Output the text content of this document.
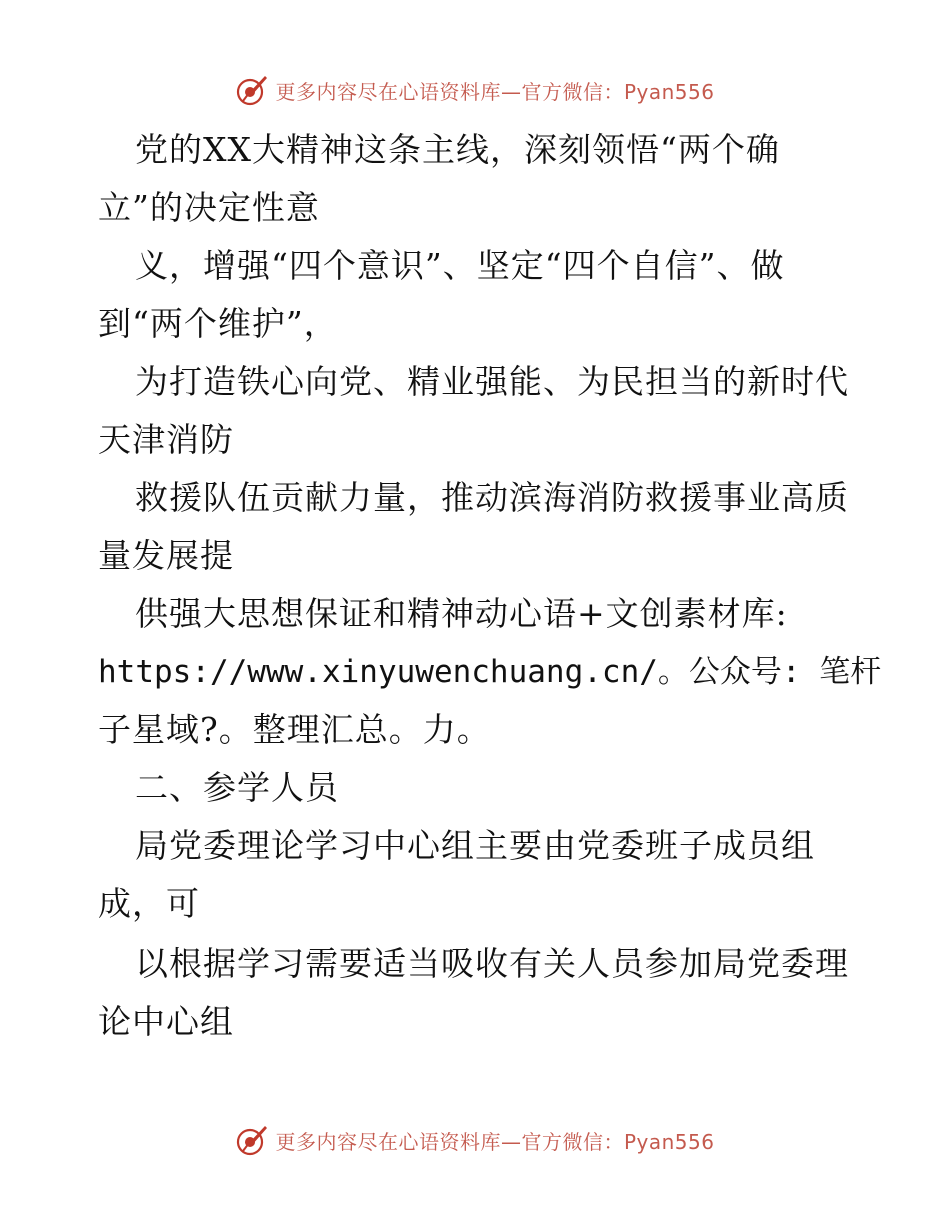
更多内容尽在心语资料库—官方微信：Pyan556
党的XX大精神这条主线，深刻领悟“两个确
立”的决定性意
义，增强“四个意识”、坚定“四个自信”、做
到“两个维护”，
为打造铁心向党、精业强能、为民担当的新时代
天津消防
救援队伍贡献力量，推动滨海消防救援事业高质
量发展提
供强大思想保证和精神动心语+文创素材库:
https://www.xinyuwenchuang.cn/。公众号: 笔杆
子星域?。整理汇总。力。
二、参学人员
局党委理论学习中心组主要由党委班子成员组
成，可
以根据学习需要适当吸收有关人员参加局党委理
论中心组
更多内容尽在心语资料库—官方微信：Pyan556
